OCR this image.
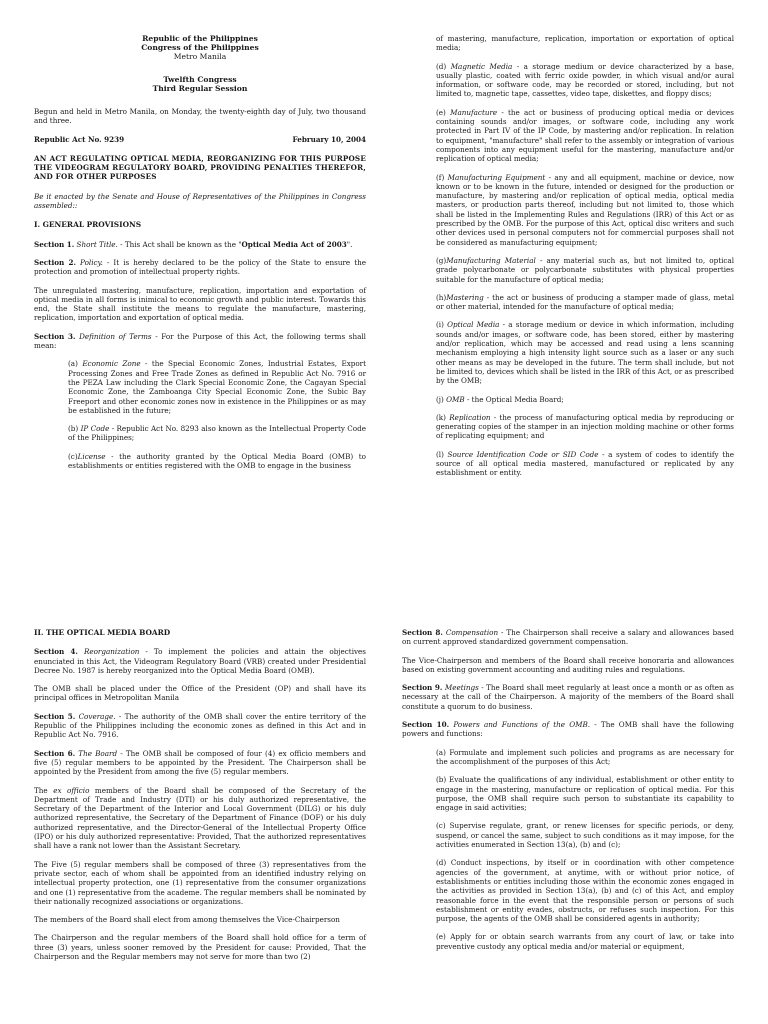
Republic of the Philippines
Congress of the Philippines
Metro Manila
Twelfth Congress
Third Regular Session

Begun and held in Metro Manila, on Monday, the twenty-eighth day of July, two thousand and three.

Republic Act No. 9239	February 10, 2004
AN ACT REGULATING OPTICAL MEDIA, REORGANIZING FOR THIS PURPOSE THE VIDEOGRAM REGULATORY BOARD, PROVIDING PENALTIES THEREFOR, AND FOR OTHER PURPOSES
Be it enacted by the Senate and House of Representatives of the Philippines in Congress assembled::
I. GENERAL PROVISIONS

Section 1. Short Title. - This Act shall be known as the "Optical Media Act of 2003".

Section 2. Policy. - It is hereby declared to be the policy of the State to ensure the protection and promotion of intellectual property rights.

The unregulated mastering, manufacture, replication, importation and exportation of optical media in all forms is inimical to economic growth and public interest. Towards this end, the State shall institute the means to regulate the manufacture, mastering, replication, importation and exportation of optical media.

Section 3. Definition of Terms - For the Purpose of this Act, the following terms shall mean:

(a) Economic Zone - the Special Economic Zones, Industrial Estates, Export Processing Zones and Free Trade Zones as defined in Republic Act No. 7916 or the PEZA Law including the Clark Special Economic Zone, the Cagayan Special Economic Zone, the Zamboanga City Special Economic Zone, the Subic Bay Freeport and other economic zones now in existence in the Philippines or as may be established in the future;

(b) IP Code - Republic Act No. 8293 also known as the Intellectual Property Code of the Philippines;

(c)License - the authority granted by the Optical Media Board (OMB) to establishments or entities registered with the OMB to engage in the business

of mastering, manufacture, replication, importation or exportation of optical media;

(d) Magnetic Media - a storage medium or device characterized by a base, usually plastic, coated with ferric oxide powder, in which visual and/or aural information, or software code, may be recorded or stored, including, but not limited to, magnetic tape, cassettes, video tape, diskettes, and floppy discs;

(e) Manufacture - the act or business of producing optical media or devices containing sounds and/or images, or software code, including any work protected in Part IV of the IP Code, by mastering and/or replication. In relation to equipment, "manufacture" shall refer to the assembly or integration of various components into any equipment useful for the mastering, manufacture and/or replication of optical media;

(f) Manufacturing Equipment - any and all equipment, machine or device, now known or to be known in the future, intended or designed for the production or manufacture, by mastering and/or replication of optical media, optical media masters, or production parts thereof, including but not limited to, those which shall be listed in the Implementing Rules and Regulations (IRR) of this Act or as prescribed by the OMB. For the purpose of this Act, optical disc writers and such other devices used in personal computers not for commercial purposes shall not be considered as manufacturing equipment;

(g)Manufacturing Material - any material such as, but not limited to, optical grade polycarbonate or polycarbonate substitutes with physical properties suitable for the manufacture of optical media;

(h)Mastering - the act or business of producing a stamper made of glass, metal or other material, intended for the manufacture of optical media;

(i) Optical Media - a storage medium or device in which information, including sounds and/or images, or software code, has been stored, either by mastering and/or replication, which may be accessed and read using a lens scanning mechanism employing a high intensity light source such as a laser or any such other means as may be developed in the future. The term shall include, but not be limited to, devices which shall be listed in the IRR of this Act, or as prescribed by the OMB;

(j) OMB - the Optical Media Board;

(k) Replication - the process of manufacturing optical media by reproducing or generating copies of the stamper in an injection molding machine or other forms of replicating equipment; and

(l) Source Identification Code or SID Code - a system of codes to identify the source of all optical media mastered, manufactured or replicated by any establishment or entity.

II. THE OPTICAL MEDIA BOARD

Section 4. Reorganization - To implement the policies and attain the objectives enunciated in this Act, the Videogram Regulatory Board (VRB) created under Presidential Decree No. 1987 is hereby reorganized into the Optical Media Board (OMB).

The OMB shall be placed under the Office of the President (OP) and shall have its principal offices in Metropolitan Manila

Section 5. Coverage. - The authority of the OMB shall cover the entire territory of the Republic of the Philippines including the economic zones as defined in this Act and in Republic Act No. 7916.

Section 6. The Board - The OMB shall be composed of four (4) ex officio members and five (5) regular members to be appointed by the President. The Chairperson shall be appointed by the President from among the five (5) regular members.

The ex officio members of the Board shall be composed of the Secretary of the Department of Trade and Industry (DTI) or his duly authorized representative, the Secretary of the Department of the Interior and Local Government (DILG) or his duly authorized representative, the Secretary of the Department of Finance (DOF) or his duly authorized representative, and the Director-General of the Intellectual Property Office (IPO) or his duly authorized representative: Provided, That the authorized representatives shall have a rank not lower than the Assistant Secretary.

The Five (5) regular members shall be composed of three (3) representatives from the private sector, each of whom shall be appointed from an identified industry relying on intellectual property protection, one (1) representative from the consumer organizations and one (1) representative from the academe. The regular members shall be nominated by their nationally recognized associations or organizations.

The members of the Board shall elect from among themselves the Vice-Chairperson

The Chairperson and the regular members of the Board shall hold office for a term of three (3) years, unless sooner removed by the President for cause: Provided, That the Chairperson and the Regular members may not serve for more than two (2)

Section 8. Compensation - The Chairperson shall receive a salary and allowances based on current approved standardized government compensation.

The Vice-Chairperson and members of the Board shall receive honoraria and allowances based on existing government accounting and auditing rules and regulations.

Section 9. Meetings - The Board shall meet regularly at least once a month or as often as necessary at the call of the Chairperson. A majority of the members of the Board shall constitute a quorum to do business.

Section 10. Powers and Functions of the OMB. - The OMB shall have the following powers and functions:

(a) Formulate and implement such policies and programs as are necessary for the accomplishment of the purposes of this Act;

(b) Evaluate the qualifications of any individual, establishment or other entity to engage in the mastering, manufacture or replication of optical media. For this purpose, the OMB shall require such person to substantiate its capability to engage in said activities;

(c) Supervise regulate, grant, or renew licenses for specific periods, or deny, suspend, or cancel the same, subject to such conditions as it may impose, for the activities enumerated in Section 13(a), (b) and (c);

(d) Conduct inspections, by itself or in coordination with other competence agencies of the government, at anytime, with or without prior notice, of establishments or entities including those within the economic zones engaged in the activities as provided in Section 13(a), (b) and (c) of this Act, and employ reasonable force in the event that the responsible person or persons of such establishment or entity evades, obstructs, or refuses such inspection. For this purpose, the agents of the OMB shall be considered agents in authority;

(e) Apply for or obtain search warrants from any court of law, or take into preventive custody any optical media and/or material or equipment,
